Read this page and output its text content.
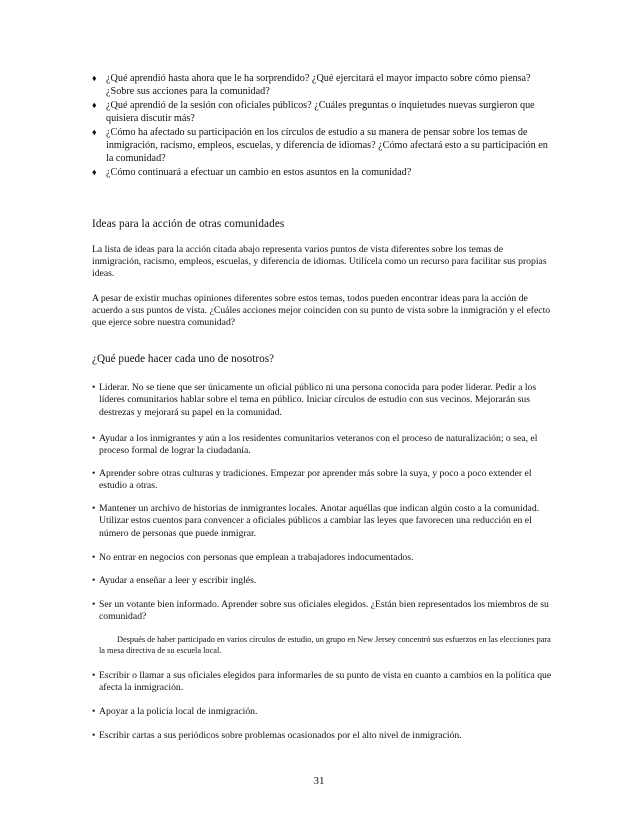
♦ ¿Qué aprendió hasta ahora que le ha sorprendido? ¿Qué ejercitará el mayor impacto sobre cómo piensa? ¿Sobre sus acciones para la comunidad?
♦ ¿Qué aprendió de la sesión con oficiales públicos? ¿Cuáles preguntas o inquietudes nuevas surgieron que quisiera discutir más?
♦ ¿Cómo ha afectado su participación en los círculos de estudio a su manera de pensar sobre los temas de inmigración, racismo, empleos, escuelas, y diferencia de idiomas? ¿Cómo afectará esto a su participación en la comunidad?
♦ ¿Cómo continuará a efectuar un cambio en estos asuntos en la comunidad?
Ideas para la acción de otras comunidades

La lista de ideas para la acción citada abajo representa varios puntos de vista diferentes sobre los temas de inmigración, racismo, empleos, escuelas, y diferencia de idiomas. Utilícela como un recurso para facilitar sus propias ideas.

A pesar de existir muchas opiniones diferentes sobre estos temas, todos pueden encontrar ideas para la acción de acuerdo a sus puntos de vista. ¿Cuáles acciones mejor coinciden con su punto de vista sobre la inmigración y el efecto que ejerce sobre nuestra comunidad?

¿Qué puede hacer cada uno de nosotros?
• Liderar. No se tiene que ser únicamente un oficial público ni una persona conocida para poder liderar. Pedir a los líderes comunitarios hablar sobre el tema en público. Iniciar círculos de estudio con sus vecinos. Mejorarán sus destrezas y mejorará su papel en la comunidad.
• Ayudar a los inmigrantes y aún a los residentes comunitarios veteranos con el proceso de naturalización; o sea, el proceso formal de lograr la ciudadanía.
• Aprender sobre otras culturas y tradiciones. Empezar por aprender más sobre la suya, y poco a poco extender el estudio a otras.
• Mantener un archivo de historias de inmigrantes locales. Anotar aquéllas que indican algún costo a la comunidad. Utilizar estos cuentos para convencer a oficiales públicos a cambiar las leyes que favorecen una reducción en el número de personas que puede inmigrar.
• No entrar en negocios con personas que emplean a trabajadores indocumentados.
• Ayudar a enseñar a leer y escribir inglés.
• Ser un votante bien informado. Aprender sobre sus oficiales elegidos. ¿Están bien representados los miembros de su comunidad?

Después de haber participado en varios círculos de estudio, un grupo en New Jersey concentró sus esfuerzos en las elecciones para la mesa directiva de su escuela local.

• Escribir o llamar a sus oficiales elegidos para informarles de su punto de vista en cuanto a cambios en la política que afecta la inmigración.
• Apoyar a la policía local de inmigración.
• Escribir cartas a sus periódicos sobre problemas ocasionados por el alto nivel de inmigración.
31
